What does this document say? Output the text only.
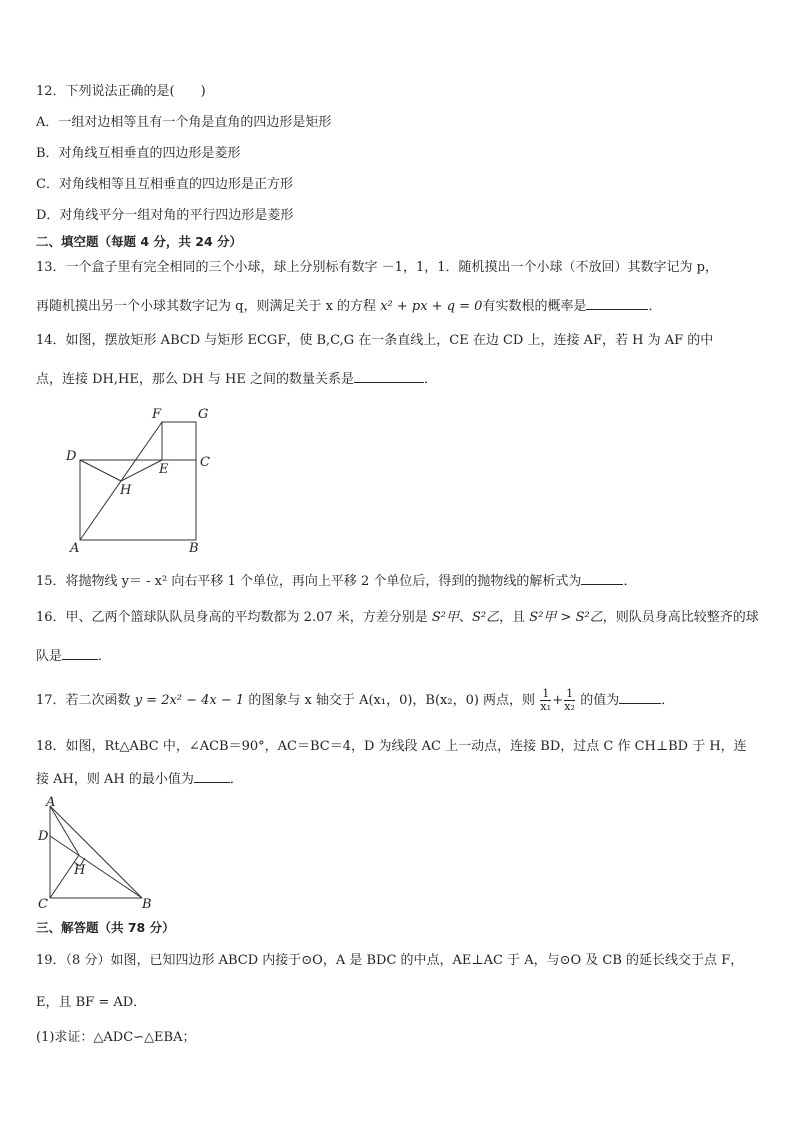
12．下列说法正确的是(　　)
A．一组对边相等且有一个角是直角的四边形是矩形
B．对角线互相垂直的四边形是菱形
C．对角线相等且互相垂直的四边形是正方形
D．对角线平分一组对角的平行四边形是菱形
二、填空题（每题 4 分，共 24 分）
13．一个盒子里有完全相同的三个小球，球上分别标有数字 －1，1，1．随机摸出一个小球（不放回）其数字记为 p，
再随机摸出另一个小球其数字记为 q，则满足关于 x 的方程 x² + px + q = 0有实数根的概率是	．
14．如图，摆放矩形 ABCD 与矩形 ECGF，使 B,C,G 在一条直线上，CE 在边 CD 上，连接 AF，若 H 为 AF 的中
点，连接 DH,HE，那么 DH 与 HE 之间的数量关系是	．
F	G
D	C
E
H
A	B
15．将抛物线 y＝ - x² 向右平移 1 个单位，再向上平移 2 个单位后，得到的抛物线的解析式为	．
16．甲、乙两个篮球队队员身高的平均数都为 2.07 米，方差分别是 S²甲、S²乙，且 S²甲 > S²乙，则队员身高比较整齐的球
队是	．
17．若二次函数 y = 2x² − 4x − 1 的图象与 x 轴交于 A(x₁，0)，B(x₂，0) 两点，则 $\frac{1}{\text{x₁}} + \frac{1}{\text{x₂}}$ 的值为	．
18．如图，Rt△ABC 中，∠ACB＝90°，AC＝BC＝4，D 为线段 AC 上一动点，连接 BD，过点 C 作 CH⊥BD 于 H，连
接 AH，则 AH 的最小值为	．
A
D
H
C	B
三、解答题（共 78 分）
19．（8 分）如图，已知四边形 ABCD 内接于⊙O，A 是 BDC 的中点，AE⊥AC 于 A，与⊙O 及 CB 的延长线交于点 F，
E，且 BF = AD．
(1)求证：△ADC∽△EBA；
